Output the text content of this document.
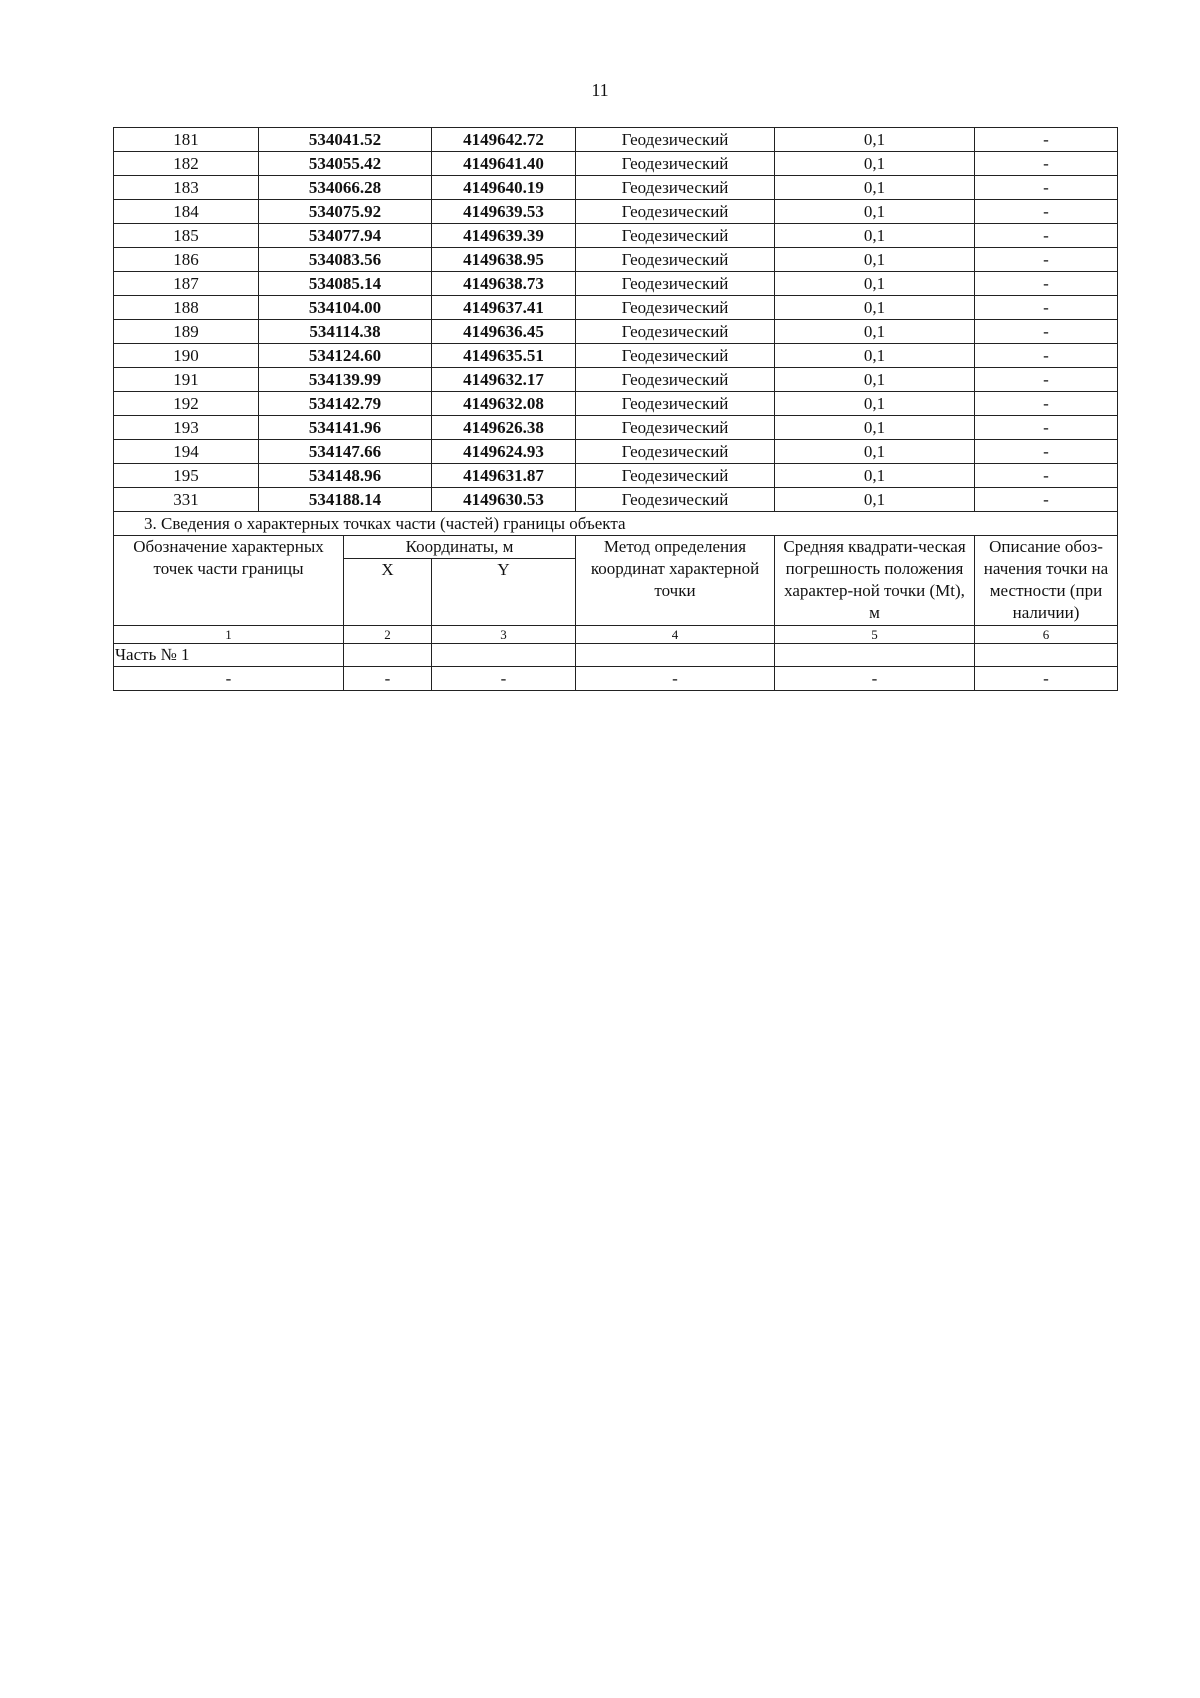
11
181	534041.52		4149642.72	Геодезический	0,1	-
182	534055.42		4149641.40	Геодезический	0,1	-
183	534066.28		4149640.19	Геодезический	0,1	-
184	534075.92		4149639.53	Геодезический	0,1	-
185	534077.94		4149639.39	Геодезический	0,1	-
186	534083.56		4149638.95	Геодезический	0,1	-
187	534085.14		4149638.73	Геодезический	0,1	-
188	534104.00		4149637.41	Геодезический	0,1	-
189	534114.38		4149636.45	Геодезический	0,1	-
190	534124.60		4149635.51	Геодезический	0,1	-
191	534139.99		4149632.17	Геодезический	0,1	-
192	534142.79		4149632.08	Геодезический	0,1	-
193	534141.96		4149626.38	Геодезический	0,1	-
194	534147.66		4149624.93	Геодезический	0,1	-
195	534148.96		4149631.87	Геодезический	0,1	-
331	534188.14		4149630.53	Геодезический	0,1	-
3. Сведения о характерных точках части (частей) границы объекта						
Обозначение характерных точек части границы		Координаты, м		Метод определения координат характерной точки	Средняя квадрати-ческая погрешность положения характер-ной точки (Mt), м	Описание обоз-начения точки на местности (при наличии)
		X	Y			
1		2	3	4	5	6
Часть № 1						
-		-	-	-	-	-
